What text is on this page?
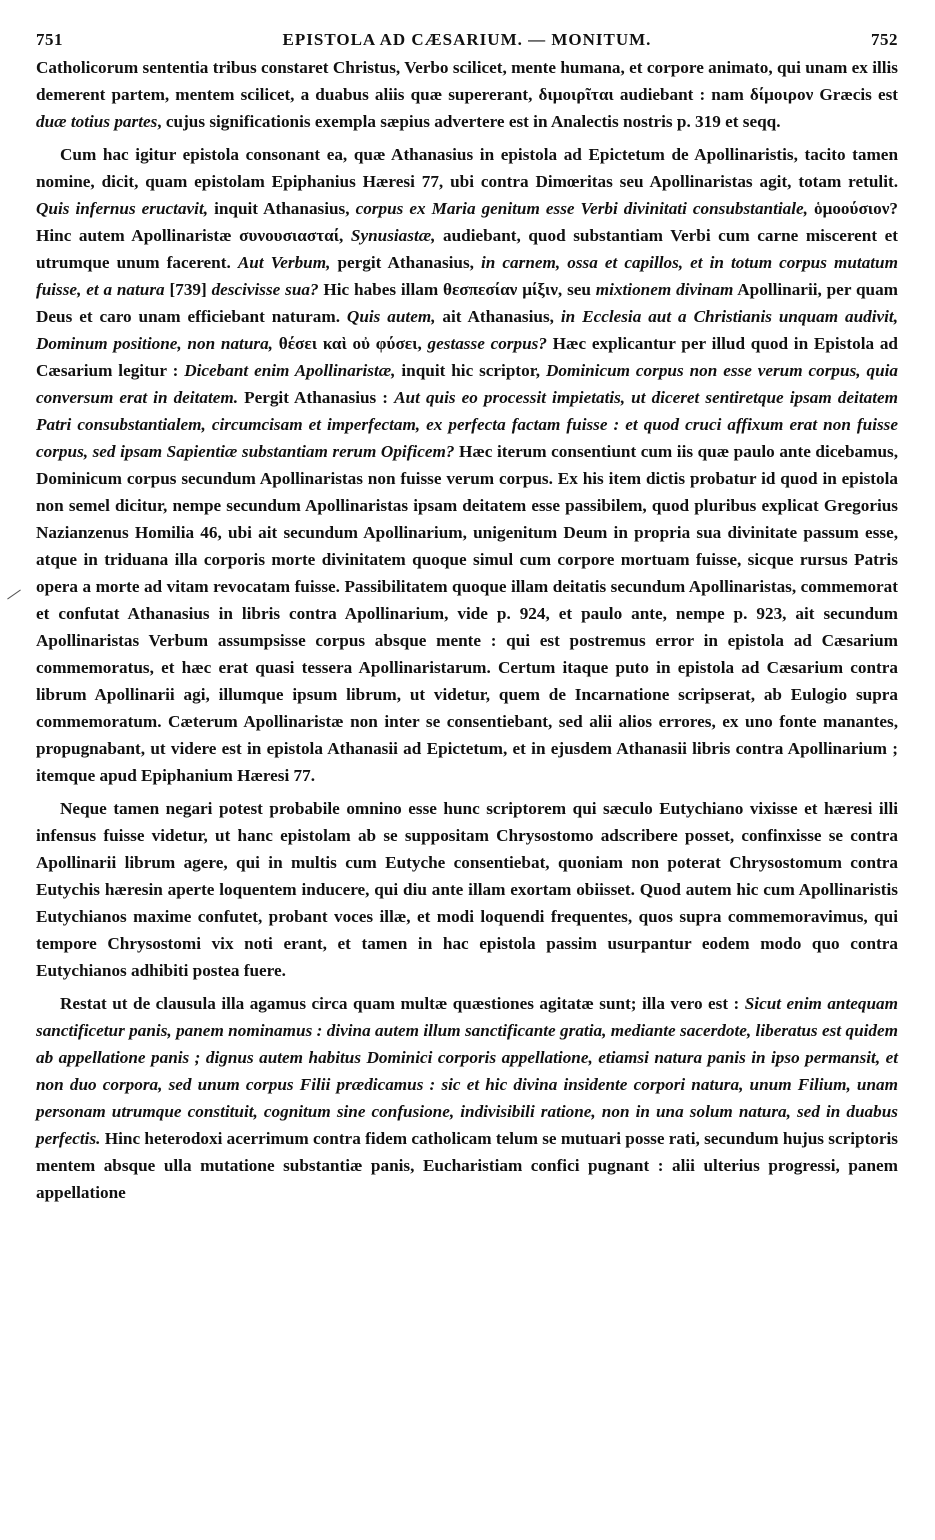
751	EPISTOLA AD CÆSARIUM. — MONITUM.	752

Catholicorum sententia tribus constaret Christus, Verbo scilicet, mente humana, et corpore animato, qui unam ex illis demerent partem, mentem scilicet, a duabus aliis quæ supererant, διμοιρῖται audiebant : nam δίμοιρον Græcis est duæ totius partes, cujus significationis exempla sæpius advertere est in Analectis nostris p. 319 et seqq.

Cum hac igitur epistola consonant ea, quæ Athanasius in epistola ad Epictetum de Apollinaristis, tacito tamen nomine, dicit, quam epistolam Epiphanius Hæresi 77, ubi contra Dimœritas seu Apollinaristas agit, totam retulit. Quis infernus eructavit, inquit Athanasius, corpus ex Maria genitum esse Verbi divinitati consubstantiale, ὁμοούσιον? Hinc autem Apollinaristæ συνουσιασταί, Synusiastæ, audiebant, quod substantiam Verbi cum carne miscerent et utrumque unum facerent. Aut Verbum, pergit Athanasius, in carnem, ossa et capillos, et in totum corpus mutatum fuisse, et a natura [739] descivisse sua? Hic habes illam θεσπεσίαν μίξιν, seu mixtionem divinam Apollinarii, per quam Deus et caro unam efficiebant naturam. Quis autem, ait Athanasius, in Ecclesia aut a Christianis unquam audivit, Dominum positione, non natura, θέσει καὶ οὐ φύσει, gestasse corpus? Hæc explicantur per illud quod in Epistola ad Cæsarium legitur : Dicebant enim Apollinaristæ, inquit hic scriptor, Dominicum corpus non esse verum corpus, quia conversum erat in deitatem. Pergit Athanasius : Aut quis eo processit impietatis, ut diceret sentiretque ipsam deitatem Patri consubstantialem, circumcisam et imperfectam, ex perfecta factam fuisse : et quod cruci affixum erat non fuisse corpus, sed ipsam Sapientiæ substantiam rerum Opificem? Hæc iterum consentiunt cum iis quæ paulo ante dicebamus, Dominicum corpus secundum Apollinaristas non fuisse verum corpus. Ex his item dictis probatur id quod in epistola non semel dicitur, nempe secundum Apollinaristas ipsam deitatem esse passibilem, quod pluribus explicat Gregorius Nazianzenus Homilia 46, ubi ait secundum Apollinarium, unigenitum Deum in propria sua divinitate passum esse, atque in triduana illa corporis morte divinitatem quoque simul cum corpore mortuam fuisse, sicque rursus Patris opera a morte ad vitam revocatam fuisse. Passibilitatem quoque illam deitatis secundum Apollinaristas, commemorat et confutat Athanasius in libris contra Apollinarium, vide p. 924, et paulo ante, nempe p. 923, ait secundum Apollinaristas Verbum assumpsisse corpus absque mente : qui est postremus error in epistola ad Cæsarium commemoratus, et hæc erat quasi tessera Apollinaristarum. Certum itaque puto in epistola ad Cæsarium contra librum Apollinarii agi, illumque ipsum librum, ut videtur, quem de Incarnatione scripserat, ab Eulogio supra commemoratum. Cæterum Apollinaristæ non inter se consentiebant, sed alii alios errores, ex uno fonte manantes, propugnabant, ut videre est in epistola Athanasii ad Epictetum, et in ejusdem Athanasii libris contra Apollinarium ; itemque apud Epiphanium Hæresi 77.

Neque tamen negari potest probabile omnino esse hunc scriptorem qui sæculo Eutychiano vixisse et hæresi illi infensus fuisse videtur, ut hanc epistolam ab se suppositam Chrysostomo adscribere posset, confinxisse se contra Apollinarii librum agere, qui in multis cum Eutyche consentiebat, quoniam non poterat Chrysostomum contra Eutychis hæresin aperte loquentem inducere, qui diu ante illam exortam obiisset. Quod autem hic cum Apollinaristis Eutychianos maxime confutet, probant voces illæ, et modi loquendi frequentes, quos supra commemoravimus, qui tempore Chrysostomi vix noti erant, et tamen in hac epistola passim usurpantur eodem modo quo contra Eutychianos adhibiti postea fuere.

Restat ut de clausula illa agamus circa quam multæ quæstiones agitatæ sunt; illa vero est : Sicut enim antequam sanctificetur panis, panem nominamus : divina autem illum sanctificante gratia, mediante sacerdote, liberatus est quidem ab appellatione panis ; dignus autem habitus Dominici corporis appellatione, etiamsi natura panis in ipso permansit, et non duo corpora, sed unum corpus Filii prædicamus : sic et hic divina insidente corpori natura, unum Filium, unam personam utrumque constituit, cognitum sine confusione, indivisibili ratione, non in una solum natura, sed in duabus perfectis. Hinc heterodoxi acerrimum contra fidem catholicam telum se mutuari posse rati, secundum hujus scriptoris mentem absque ulla mutatione substantiæ panis, Eucharistiam confici pugnant : alii ulterius progressi, panem appellatione
